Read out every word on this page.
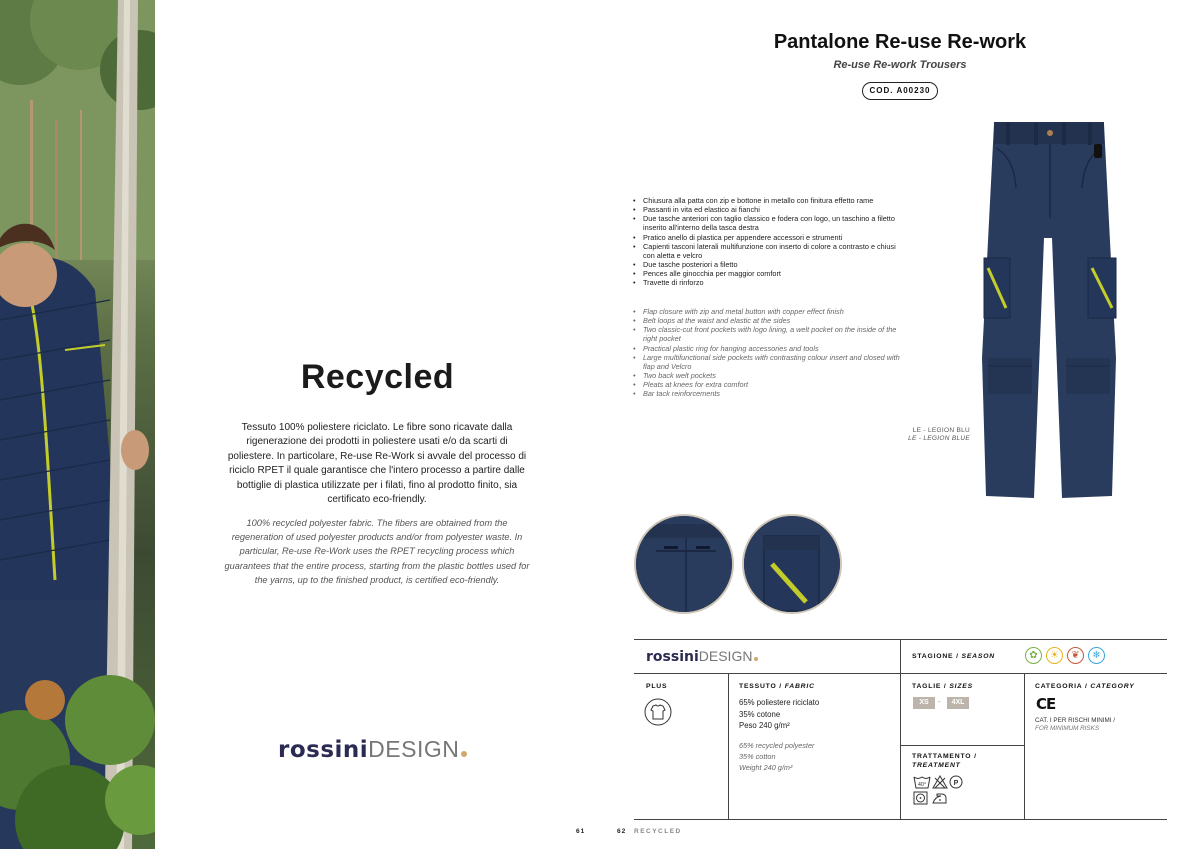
Recycled

Tessuto 100% poliestere riciclato. Le fibre sono ricavate dalla rigenerazione dei prodotti in poliestere usati e/o da scarti di poliestere. In particolare, Re-use Re-Work si avvale del processo di riciclo RPET il quale garantisce che l'intero processo a partire dalle bottiglie di plastica utilizzate per i filati, fino al prodotto finito, sia certificato eco-friendly.

100% recycled polyester fabric. The fibers are obtained from the regeneration of used polyester products and/or from polyester waste. In particular, Re-use Re-Work uses the RPET recycling process which guarantees that the entire process, starting from the plastic bottles used for the yarns, up to the finished product, is certified eco-friendly.

rossiniDESIGN
Pantalone Re-use Re-work
Re-use Re-work Trousers
COD. A00230
• Chiusura alla patta con zip e bottone in metallo con finitura effetto rame
• Passanti in vita ed elastico ai fianchi
• Due tasche anteriori con taglio classico e fodera con logo, un taschino a filetto inserito all'interno della tasca destra
• Pratico anello di plastica per appendere accessori e strumenti
• Capienti tasconi laterali multifunzione con inserto di colore a contrasto e chiusi con aletta e velcro
• Due tasche posteriori a filetto
• Pences alle ginocchia per maggior comfort
• Travette di rinforzo
• Flap closure with zip and metal button with copper effect finish
• Belt loops at the waist and elastic at the sides
• Two classic-cut front pockets with logo lining, a welt pocket on the inside of the right pocket
• Practical plastic ring for hanging accessories and tools
• Large multifunctional side pockets with contrasting colour insert and closed with flap and Velcro
• Two back welt pockets
• Pleats at knees for extra comfort
• Bar tack reinforcements
LE - LEGION BLU
LE - LEGION BLUE
rossiniDESIGN	STAGIONE / SEASON	✿	☀	❦	❄
PLUS	TESSUTO / FABRIC
65% poliestere riciclato
35% cotone
Peso 240 g/m²
65% recycled polyester
35% cotton
Weight 240 g/m²
TAGLIE / SIZES
XS	-	4XL
TRATTAMENTO /
TREATMENT
40°	P
CATEGORIA / CATEGORY
CE
CAT. I PER RISCHI MINIMI /
FOR MINIMUM RISKS
61	62 RECYCLED
